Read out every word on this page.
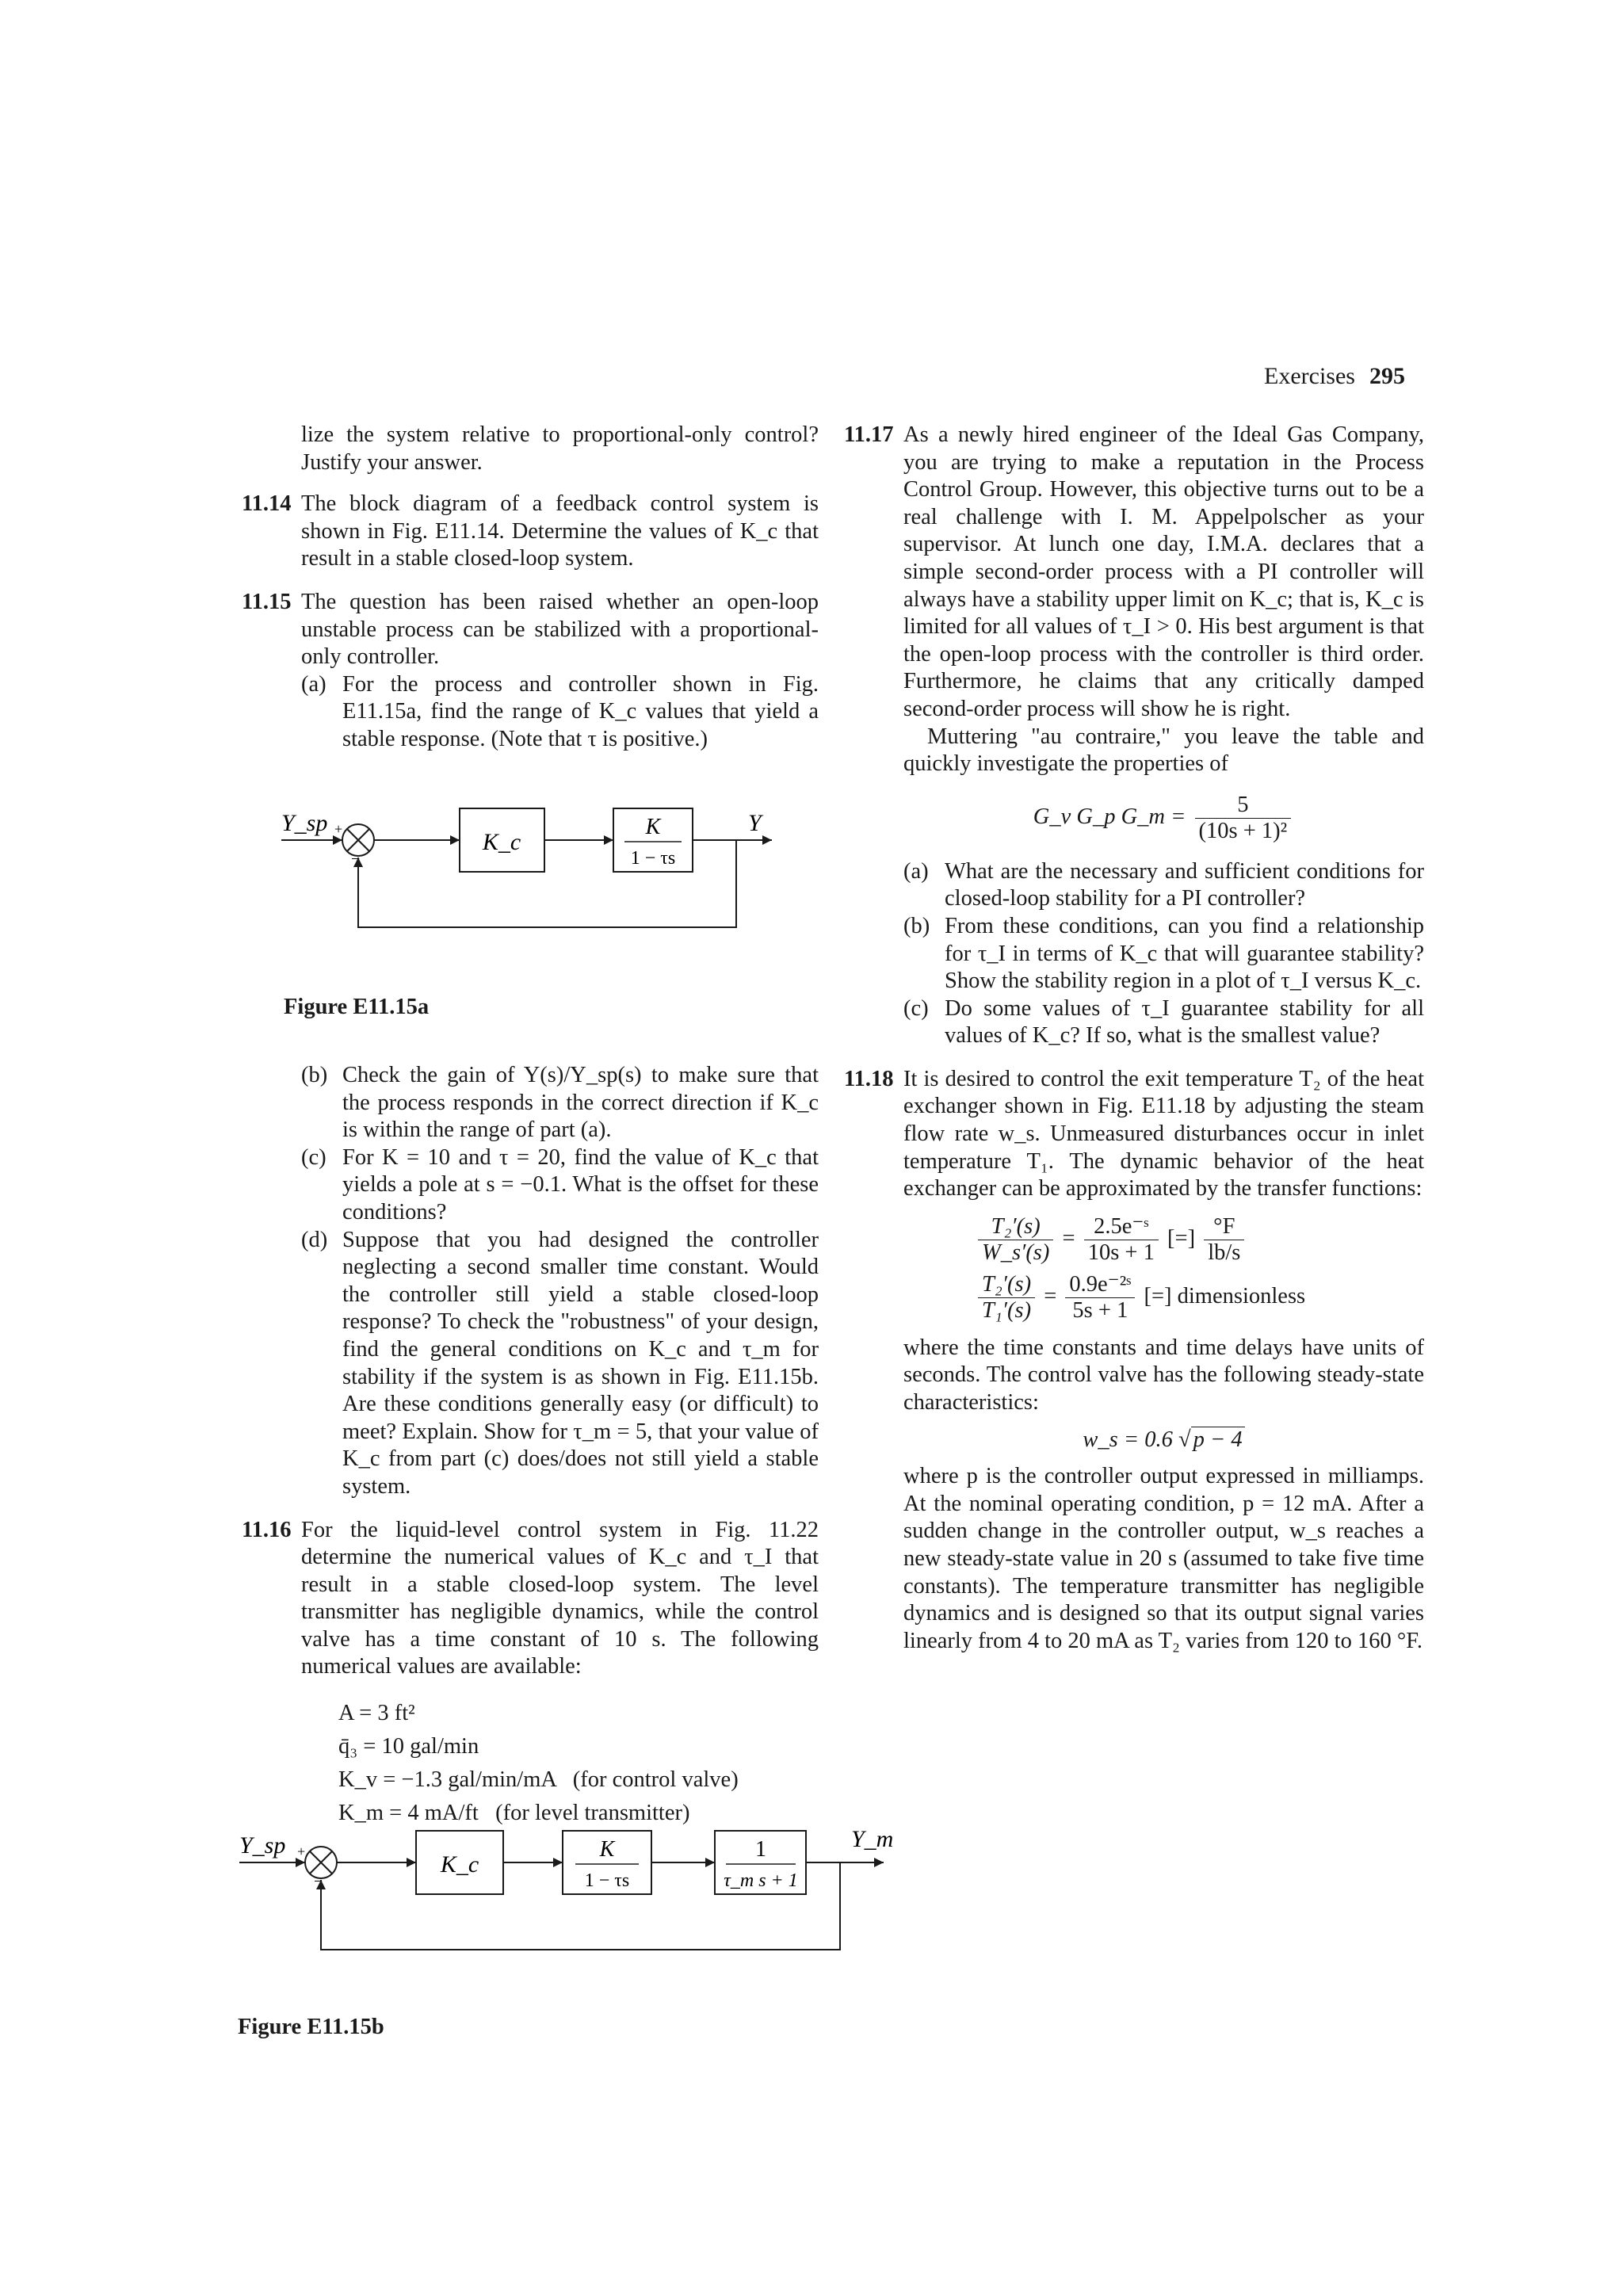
Exercises 295

lize the system relative to proportional-only control? Justify your answer.

11.14 The block diagram of a feedback control system is shown in Fig. E11.14. Determine the values of K_c that result in a stable closed-loop system.
11.15 The question has been raised whether an open-loop unstable process can be stabilized with a proportional-only controller.
(a) For the process and controller shown in Fig. E11.15a, find the range of K_c values that yield a stable response. (Note that τ is positive.)
Y_sp +
−
K_c
K
1 − τs
Y
Figure E11.15a
(b) Check the gain of Y(s)/Y_sp(s) to make sure that the process responds in the correct direction if K_c is within the range of part (a).
(c) For K = 10 and τ = 20, find the value of K_c that yields a pole at s = −0.1. What is the offset for these conditions?
(d) Suppose that you had designed the controller neglecting a second smaller time constant. Would the controller still yield a stable closed-loop response? To check the "robustness" of your design, find the general conditions on K_c and τ_m for stability if the system is as shown in Fig. E11.15b. Are these conditions generally easy (or difficult) to meet? Explain. Show for τ_m = 5, that your value of K_c from part (c) does/does not still yield a stable system.
11.16 For the liquid-level control system in Fig. 11.22 determine the numerical values of K_c and τ_I that result in a stable closed-loop system. The level transmitter has negligible dynamics, while the control valve has a time constant of 10 s. The following numerical values are available:
A = 3 ft²
q̄₃ = 10 gal/min
K_v = −1.3 gal/min/mA   (for control valve)
K_m = 4 mA/ft   (for level transmitter)
Y_sp +
−
K_c
K
1 − τs
1
τ_m s + 1
Y_m
Figure E11.15b
11.17 As a newly hired engineer of the Ideal Gas Company, you are trying to make a reputation in the Process Control Group. However, this objective turns out to be a real challenge with I. M. Appelpolscher as your supervisor. At lunch one day, I.M.A. declares that a simple second-order process with a PI controller will always have a stability upper limit on K_c; that is, K_c is limited for all values of τ_I > 0. His best argument is that the open-loop process with the controller is third order. Furthermore, he claims that any critically damped second-order process will show he is right.
Muttering "au contraire," you leave the table and quickly investigate the properties of
G_v G_p G_m = $\frac{5}{\text{(10s + 1)²}}$
(a) What are the necessary and sufficient conditions for closed-loop stability for a PI controller?
(b) From these conditions, can you find a relationship for τ_I in terms of K_c that will guarantee stability? Show the stability region in a plot of τ_I versus K_c.
(c) Do some values of τ_I guarantee stability for all values of K_c? If so, what is the smallest value?
11.18 It is desired to control the exit temperature T₂ of the heat exchanger shown in Fig. E11.18 by adjusting the steam flow rate w_s. Unmeasured disturbances occur in inlet temperature T₁. The dynamic behavior of the heat exchanger can be approximated by the transfer functions:
$\frac{\text{T₂′(s)}}{W\_s'(s)} = \frac{\text{2.5e⁻ˢ}}{10s + 1}$ [=] $\frac{^\circ F}{lb/s}$
$\frac{\text{T₂′(s)}}{\text{T₁′(s)}} = \frac{\text{0.9e⁻²ˢ}}{5s + 1}$ [=] dimensionless
where the time constants and time delays have units of seconds. The control valve has the following steady-state characteristics:
w_s = 0.6 √ p − 4
where p is the controller output expressed in milliamps. At the nominal operating condition, p = 12 mA. After a sudden change in the controller output, w_s reaches a new steady-state value in 20 s (assumed to take five time constants). The temperature transmitter has negligible dynamics and is designed so that its output signal varies linearly from 4 to 20 mA as T₂ varies from 120 to 160 °F.
